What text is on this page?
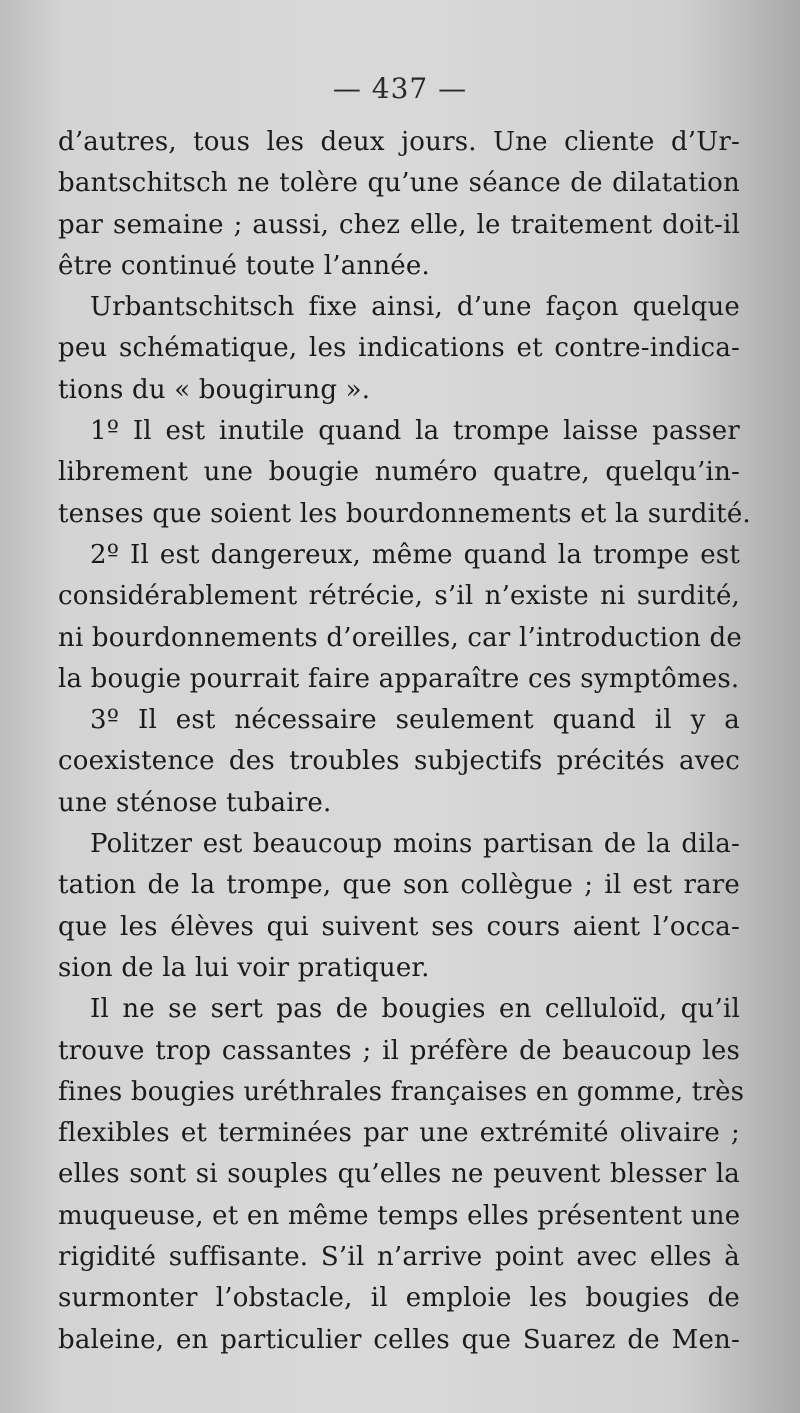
— 437 —
d’autres, tous les deux jours. Une cliente d’Ur-
bantschitsch ne tolère qu’une séance de dilatation
par semaine ; aussi, chez elle, le traitement doit-il
être continué toute l’année.
Urbantschitsch fixe ainsi, d’une façon quelque
peu schématique, les indications et contre-indica-
tions du « bougirung ».
1º Il est inutile quand la trompe laisse passer
librement une bougie numéro quatre, quelqu’in-
tenses que soient les bourdonnements et la surdité.
2º Il est dangereux, même quand la trompe est
considérablement rétrécie, s’il n’existe ni surdité,
ni bourdonnements d’oreilles, car l’introduction de
la bougie pourrait faire apparaître ces symptômes.
3º Il est nécessaire seulement quand il y a
coexistence des troubles subjectifs précités avec
une sténose tubaire.
Politzer est beaucoup moins partisan de la dila-
tation de la trompe, que son collègue ; il est rare
que les élèves qui suivent ses cours aient l’occa-
sion de la lui voir pratiquer.
Il ne se sert pas de bougies en celluloïd, qu’il
trouve trop cassantes ; il préfère de beaucoup les
fines bougies uréthrales françaises en gomme, très
flexibles et terminées par une extrémité olivaire ;
elles sont si souples qu’elles ne peuvent blesser la
muqueuse, et en même temps elles présentent une
rigidité suffisante. S’il n’arrive point avec elles à
surmonter l’obstacle, il emploie les bougies de
baleine, en particulier celles que Suarez de Men-
